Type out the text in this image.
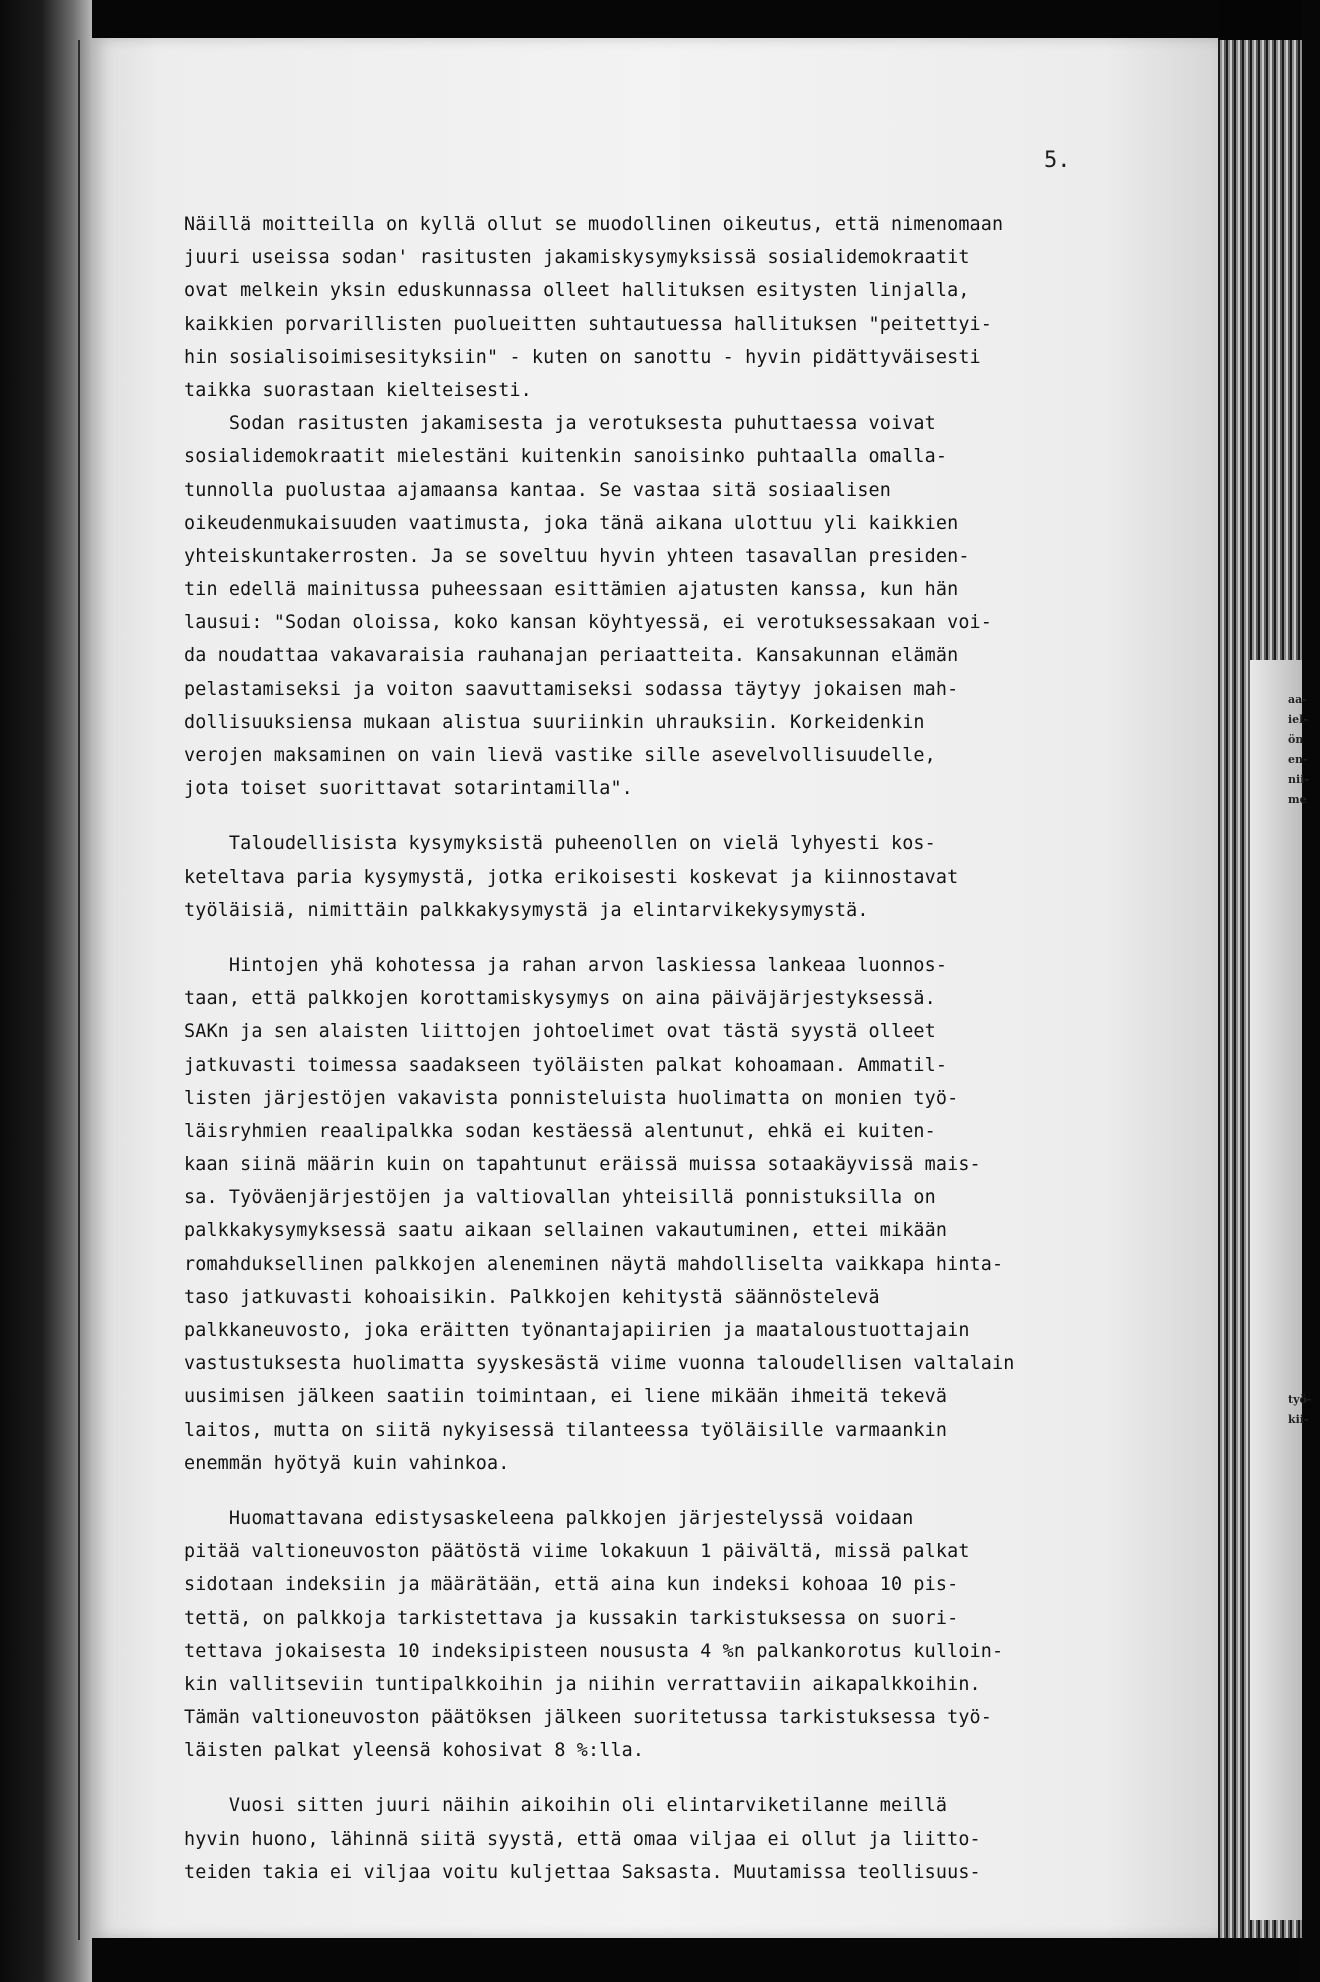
aa-
iel-
ön
en-
nii-
me
työ-
kii-
5.
Näillä moitteilla on kyllä ollut se muodollinen oikeutus, että nimenomaan
juuri useissa sodan' rasitusten jakamiskysymyksissä sosialidemokraatit
ovat melkein yksin eduskunnassa olleet hallituksen esitysten linjalla,
kaikkien porvarillisten puolueitten suhtautuessa hallituksen "peitettyi-
hin sosialisoimisesityksiin" - kuten on sanottu - hyvin pidättyväisesti
taikka suorastaan kielteisesti.
Sodan rasitusten jakamisesta ja verotuksesta puhuttaessa voivat
sosialidemokraatit mielestäni kuitenkin sanoisinko puhtaalla omalla-
tunnolla puolustaa ajamaansa kantaa. Se vastaa sitä sosiaalisen
oikeudenmukaisuuden vaatimusta, joka tänä aikana ulottuu yli kaikkien
yhteiskuntakerrosten. Ja se soveltuu hyvin yhteen tasavallan presiden-
tin edellä mainitussa puheessaan esittämien ajatusten kanssa, kun hän
lausui: "Sodan oloissa, koko kansan köyhtyessä, ei verotuksessakaan voi-
da noudattaa vakavaraisia rauhanajan periaatteita. Kansakunnan elämän
pelastamiseksi ja voiton saavuttamiseksi sodassa täytyy jokaisen mah-
dollisuuksiensa mukaan alistua suuriinkin uhrauksiin. Korkeidenkin
verojen maksaminen on vain lievä vastike sille asevelvollisuudelle,
jota toiset suorittavat sotarintamilla".
Taloudellisista kysymyksistä puheenollen on vielä lyhyesti kos-
keteltava paria kysymystä, jotka erikoisesti koskevat ja kiinnostavat
työläisiä, nimittäin palkkakysymystä ja elintarvikekysymystä.
Hintojen yhä kohotessa ja rahan arvon laskiessa lankeaa luonnos-
taan, että palkkojen korottamiskysymys on aina päiväjärjestyksessä.
SAKn ja sen alaisten liittojen johtoelimet ovat tästä syystä olleet
jatkuvasti toimessa saadakseen työläisten palkat kohoamaan. Ammatil-
listen järjestöjen vakavista ponnisteluista huolimatta on monien työ-
läisryhmien reaalipalkka sodan kestäessä alentunut, ehkä ei kuiten-
kaan siinä määrin kuin on tapahtunut eräissä muissa sotaakäyvissä mais-
sa. Työväenjärjestöjen ja valtiovallan yhteisillä ponnistuksilla on
palkkakysymyksessä saatu aikaan sellainen vakautuminen, ettei mikään
romahduksellinen palkkojen aleneminen näytä mahdolliselta vaikkapa hinta-
taso jatkuvasti kohoaisikin. Palkkojen kehitystä säännöstelevä
palkkaneuvosto, joka eräitten työnantajapiirien ja maataloustuottajain
vastustuksesta huolimatta syyskesästä viime vuonna taloudellisen valtalain
uusimisen jälkeen saatiin toimintaan, ei liene mikään ihmeitä tekevä
laitos, mutta on siitä nykyisessä tilanteessa työläisille varmaankin
enemmän hyötyä kuin vahinkoa.
Huomattavana edistysaskeleena palkkojen järjestelyssä voidaan
pitää valtioneuvoston päätöstä viime lokakuun 1 päivältä, missä palkat
sidotaan indeksiin ja määrätään, että aina kun indeksi kohoaa 10 pis-
tettä, on palkkoja tarkistettava ja kussakin tarkistuksessa on suori-
tettava jokaisesta 10 indeksipisteen noususta 4 %n palkankorotus kulloin-
kin vallitseviin tuntipalkkoihin ja niihin verrattaviin aikapalkkoihin.
Tämän valtioneuvoston päätöksen jälkeen suoritetussa tarkistuksessa työ-
läisten palkat yleensä kohosivat 8 %:lla.
Vuosi sitten juuri näihin aikoihin oli elintarviketilanne meillä
hyvin huono, lähinnä siitä syystä, että omaa viljaa ei ollut ja liitto-
teiden takia ei viljaa voitu kuljettaa Saksasta. Muutamissa teollisuus-
